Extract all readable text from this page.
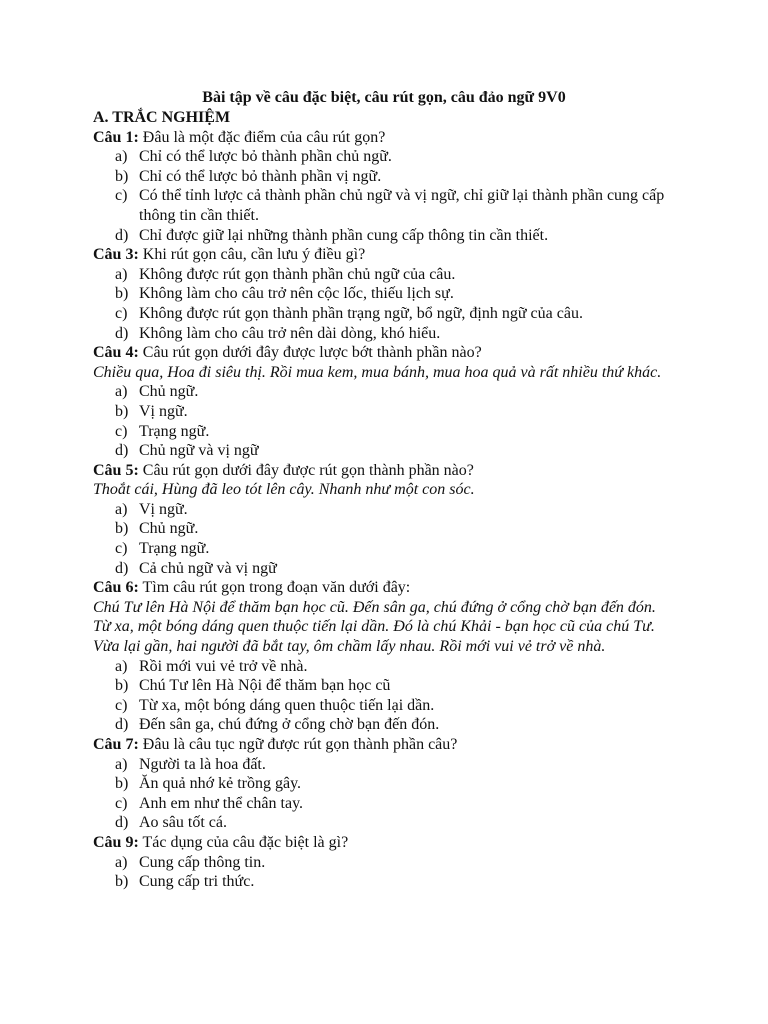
Bài tập về câu đặc biệt, câu rút gọn, câu đảo ngữ 9V0
A. TRẮC NGHIỆM
Câu 1: Đâu là một đặc điểm của câu rút gọn?
a) Chỉ có thể lược bỏ thành phần chủ ngữ.
b) Chỉ có thể lược bỏ thành phần vị ngữ.
c) Có thể tỉnh lược cả thành phần chủ ngữ và vị ngữ, chỉ giữ lại thành phần cung cấp thông tin cần thiết.
d) Chỉ được giữ lại những thành phần cung cấp thông tin cần thiết.
Câu 3: Khi rút gọn câu, cần lưu ý điều gì?
a) Không được rút gọn thành phần chủ ngữ của câu.
b) Không làm cho câu trở nên cộc lốc, thiếu lịch sự.
c) Không được rút gọn thành phần trạng ngữ, bổ ngữ, định ngữ của câu.
d) Không làm cho câu trở nên dài dòng, khó hiểu.
Câu 4: Câu rút gọn dưới đây được lược bớt thành phần nào?
Chiều qua, Hoa đi siêu thị. Rồi mua kem, mua bánh, mua hoa quả và rất nhiều thứ khác.
a) Chủ ngữ.
b) Vị ngữ.
c) Trạng ngữ.
d) Chủ ngữ và vị ngữ
Câu 5: Câu rút gọn dưới đây được rút gọn thành phần nào?
Thoắt cái, Hùng đã leo tót lên cây. Nhanh như một con sóc.
a) Vị ngữ.
b) Chủ ngữ.
c) Trạng ngữ.
d) Cả chủ ngữ và vị ngữ
Câu 6: Tìm câu rút gọn trong đoạn văn dưới đây:
Chú Tư lên Hà Nội để thăm bạn học cũ. Đến sân ga, chú đứng ở cổng chờ bạn đến đón. Từ xa, một bóng dáng quen thuộc tiến lại dần. Đó là chú Khải - bạn học cũ của chú Tư. Vừa lại gần, hai người đã bắt tay, ôm chầm lấy nhau. Rồi mới vui vẻ trở về nhà.
a) Rồi mới vui vẻ trở về nhà.
b) Chú Tư lên Hà Nội để thăm bạn học cũ
c) Từ xa, một bóng dáng quen thuộc tiến lại dần.
d) Đến sân ga, chú đứng ở cổng chờ bạn đến đón.
Câu 7: Đâu là câu tục ngữ được rút gọn thành phần câu?
a) Người ta là hoa đất.
b) Ăn quả nhớ kẻ trồng gây.
c) Anh em như thể chân tay.
d) Ao sâu tốt cá.
Câu 9: Tác dụng của câu đặc biệt là gì?
a) Cung cấp thông tin.
b) Cung cấp tri thức.
